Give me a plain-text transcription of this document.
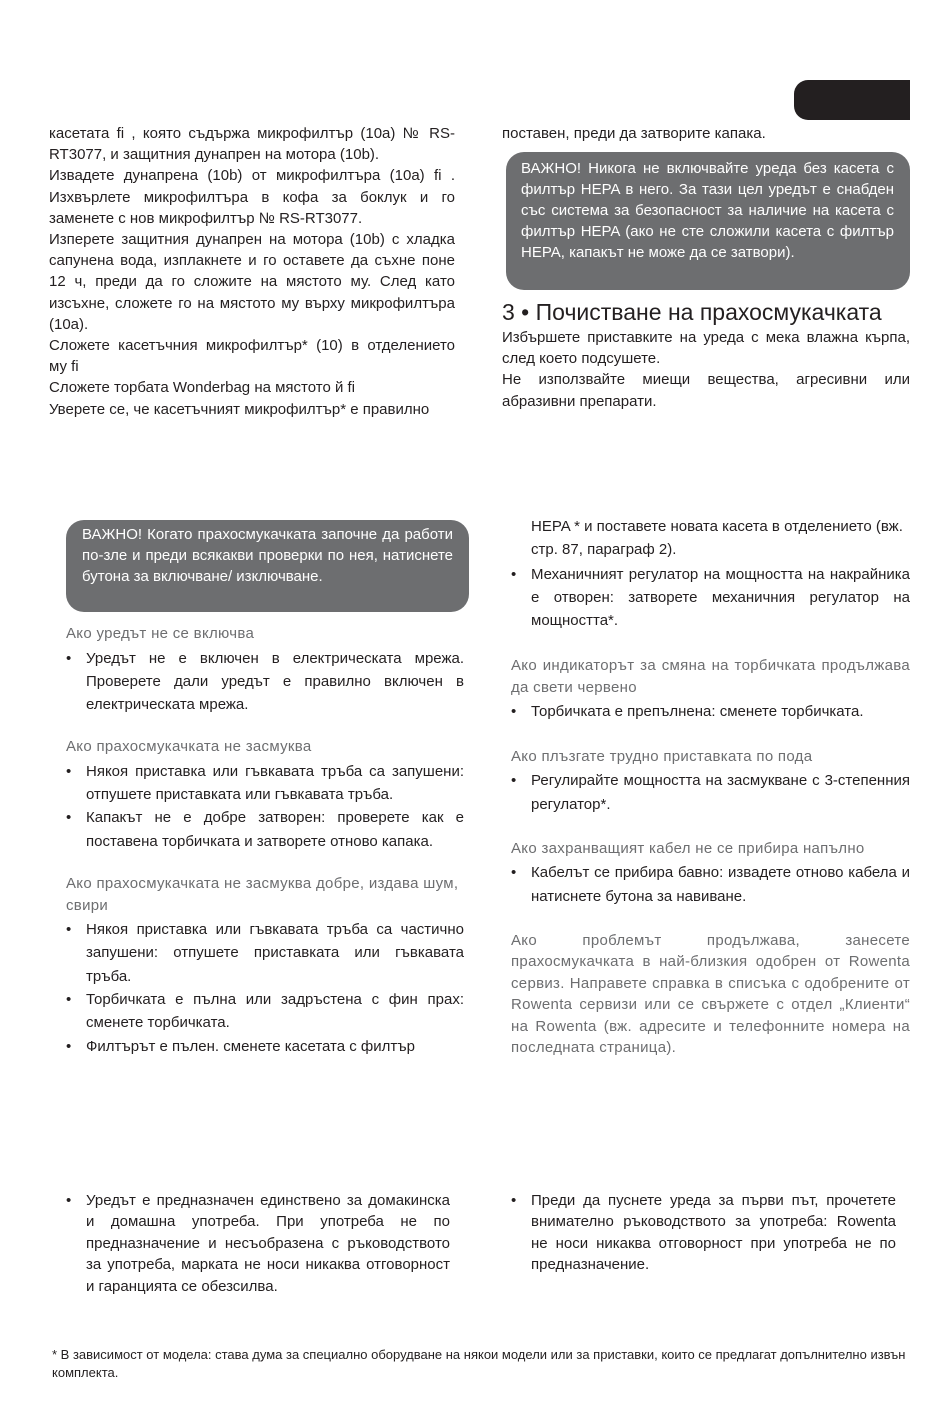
касетата ﬁ , която съдържа микрофилтър (10a) № RS-RT3077, и защитния дунапрен на мотора (10b).

Извадете дунапрена (10b) от микрофилтъра (10a) ﬁ . Изхвърлете микрофилтъра в кофа за боклук и го заменете с нов микрофилтър № RS-RT3077.

Изперете защитния дунапрен на мотора (10b) с хладка сапунена вода, изплакнете и го оставете да съхне поне 12 ч, преди да го сложите на мястото му. След като изсъхне, сложете го на мястото му върху микрофилтъра (10a).

Сложете касетъчния микрофилтър* (10) в отделението му ﬁ

Сложете торбата Wonderbag на мястото й ﬁ

Уверете се, че касетъчният микрофилтър* е правилно

поставен, преди да затворите капака.
ВАЖНО! Никога не включвайте уреда без касета с филтър HEPA в него. За тази цел уредът е снабден със система за безопасност за наличие на касета с филтър HEPA (ако не сте сложили касета с филтър HEPA, капакът не може да се затвори).
3 • Почистване на прахосмукачката

Избършете приставките на уреда с мека влажна кърпа, след което подсушете.

Не използвайте миещи вещества, агресивни или абразивни препарати.

ВАЖНО! Когато прахосмукачката започне да работи по-зле и преди всякакви проверки по нея, натиснете бутона за включване/ изключване.

Ако уредът не се включва

• Уредът не е включен в електрическата мрежа. Проверете дали уредът е правилно включен в електрическата мрежа.

Ако прахосмукачката не засмуква

• Някоя приставка или гъвкавата тръба са запушени: отпушете приставката или гъвкавата тръба.
• Капакът не е добре затворен: проверете как е поставена торбичката и затворете отново капака.

Ако прахосмукачката не засмуква добре, издава шум, свири

• Някоя приставка или гъвкавата тръба са частично запушени: отпушете приставката или гъвкавата тръба.
• Торбичката е пълна или задръстена с фин прах: сменете торбичката.
• Филтърът е пълен. сменете касетата с филтър

HEPA * и поставете новата касета в отделението (вж. стр. 87, параграф 2).

• Механичният регулатор на мощността на накрайника е отворен: затворете механичния регулатор на мощността*.

Ако индикаторът за смяна на торбичката продължава да свети червено

• Торбичката е препълнена: сменете торбичката.

Ако плъзгате трудно приставката по пода

• Регулирайте мощността на засмукване с 3-степенния регулатор*.

Ако захранващият кабел не се прибира напълно

• Кабелът се прибира бавно: извадете отново кабела и натиснете бутона за навиване.

Ако проблемът продължава, занесете прахосмукачката в най-близкия одобрен от Rowenta сервиз. Направете справка в списъка с одобрените от Rowenta сервизи или се свържете с отдел „Клиенти“ на Rowenta (вж. адресите и телефонните номера на последната страница).

• Уредът е предназначен единствено за домакинска и домашна употреба. При употреба не по предназначение и несъобразена с ръководството за употреба, марката не носи никаква отговорност и гаранцията се обезсилва.
• Преди да пуснете уреда за първи път, прочетете внимателно ръководството за употреба: Rowenta не носи никаква отговорност при употреба не по предназначение.
* В зависимост от модела: става дума за специално оборудване на някои модели или за приставки, които се предлагат допълнително извън комплекта.
